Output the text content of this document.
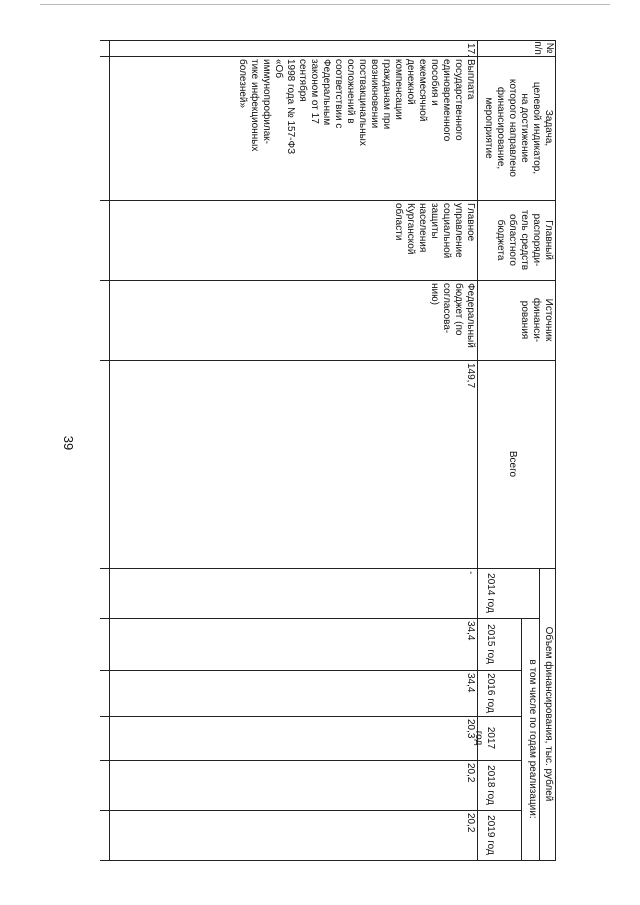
39
№
п/п
Задача,
целевой индикатор,
на достижение
которого направлено
финансирование,
мероприятие
Главный
распоряди-
тель средств
областного
бюджета
Источник
финанси-
рования
Всего
Объем финансирования, тыс. рублей
в том числе по годам реализации:
2014 год
2015 год
2016 год
2017 год
2018 год
2019 год
17.
Выплата
государственного
единовременного
пособия и
ежемесячной
денежной
компенсации
гражданам при
возникновении
поствакцинальных
осложнений в
соответствии с
Федеральным
законом от 17
сентября
1998 года № 157-ФЗ
«Об
иммунопрофилак-
тике инфекционных
болезней»
Главное
управление
социальной
защиты
населения
Курганской
области
Федеральный
бюджет (по
согласова-
нию)
149,7
-
34,4
34,4
20,3
20,2
20,2
